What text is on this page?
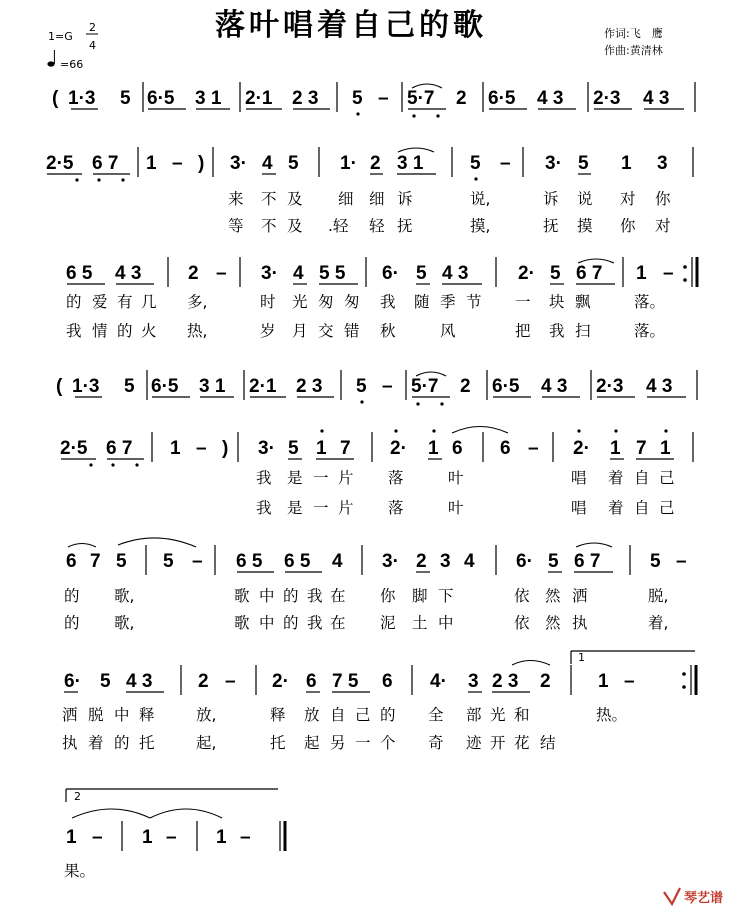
落叶唱着自己的歌
1=G
2
4
=66
作词:飞　鹰
作曲:黄清林
( 1·3 5 6·5 3 1 2·1 2 3 5 – 5·7 2 6·5 4 3 2·3 4 3
2·5 6 7 1 – ) 3· 4 5 1· 2 3 1 5 – 3· 5 1 3
来 不 及 细 细 诉	说,	诉 说 对 你
等 不 及 .轻 轻 抚	摸,	抚 摸 你 对
6 5 4 3 2 – 3· 4 5 5 6· 5 4 3	2· 5 6 7 1 –
的 爱 有 几 多,	时 光 匆 匆 我 随 季 节 一 块 飘	落。
我 情 的 火 热,	岁 月 交 错 秋	风	把 我 扫	落。
( 1·3 5 6·5 3 1 2·1 2 3 5 – 5·7 2 6·5 4 3 2·3 4 3
2·5 6 7 1 – ) 3· 5 1 7 2· 1 6 6 – 2· 1 7 1
我 是 一 片 落	叶	唱 着 自 己
我 是 一 片 落	叶	唱 着 自 己
6 7 5 5 – 6 5 6 5 4 3· 2 3 4 6· 5 6 7	5 –
的 歌,	歌 中 的 我 在 你 脚 下	依 然 洒	脱,
的 歌,	歌 中 的 我 在 泥 土 中	依 然 执	着,
1
6· 5 4 3 2 – 2· 6 7 5 6 4· 3 2 3 2 1 –
洒 脱 中 释	放,	释 放 自 己 的 全 部 光 和	热。
执 着 的 托	起,	托 起 另 一 个 奇 迹 开 花 结
2
1 – 1 – 1 –
果。
琴艺谱
